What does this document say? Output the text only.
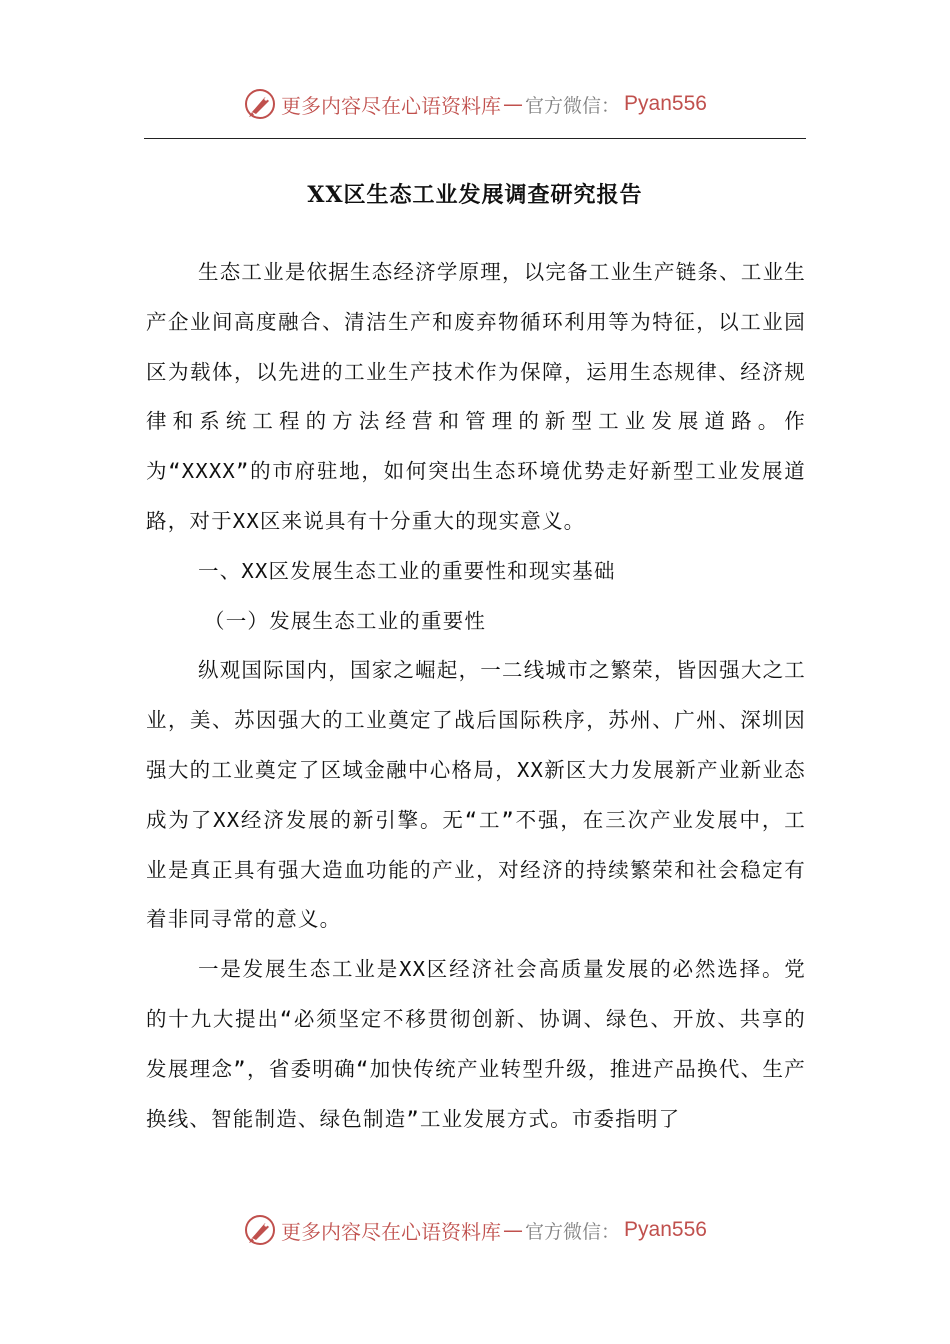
更多内容尽在心语资料库 — 官方微信： Pyan556
XX区生态工业发展调查研究报告

生态工业是依据生态经济学原理，以完备工业生产链条、工业生产企业间高度融合、清洁生产和废弃物循环利用等为特征，以工业园区为载体，以先进的工业生产技术作为保障，运用生态规律、经济规律和系统工程的方法经营和管理的新型工业发展道路。作为“XXXX”的市府驻地，如何突出生态环境优势走好新型工业发展道路，对于XX区来说具有十分重大的现实意义。

一、XX区发展生态工业的重要性和现实基础

（一）发展生态工业的重要性

纵观国际国内，国家之崛起，一二线城市之繁荣，皆因强大之工业，美、苏因强大的工业奠定了战后国际秩序，苏州、广州、深圳因强大的工业奠定了区域金融中心格局，XX新区大力发展新产业新业态成为了XX经济发展的新引擎。无“工”不强，在三次产业发展中，工业是真正具有强大造血功能的产业，对经济的持续繁荣和社会稳定有着非同寻常的意义。

一是发展生态工业是XX区经济社会高质量发展的必然选择。党的十九大提出“必须坚定不移贯彻创新、协调、绿色、开放、共享的发展理念”，省委明确“加快传统产业转型升级，推进产品换代、生产换线、智能制造、绿色制造”工业发展方式。市委指明了

更多内容尽在心语资料库 — 官方微信： Pyan556
